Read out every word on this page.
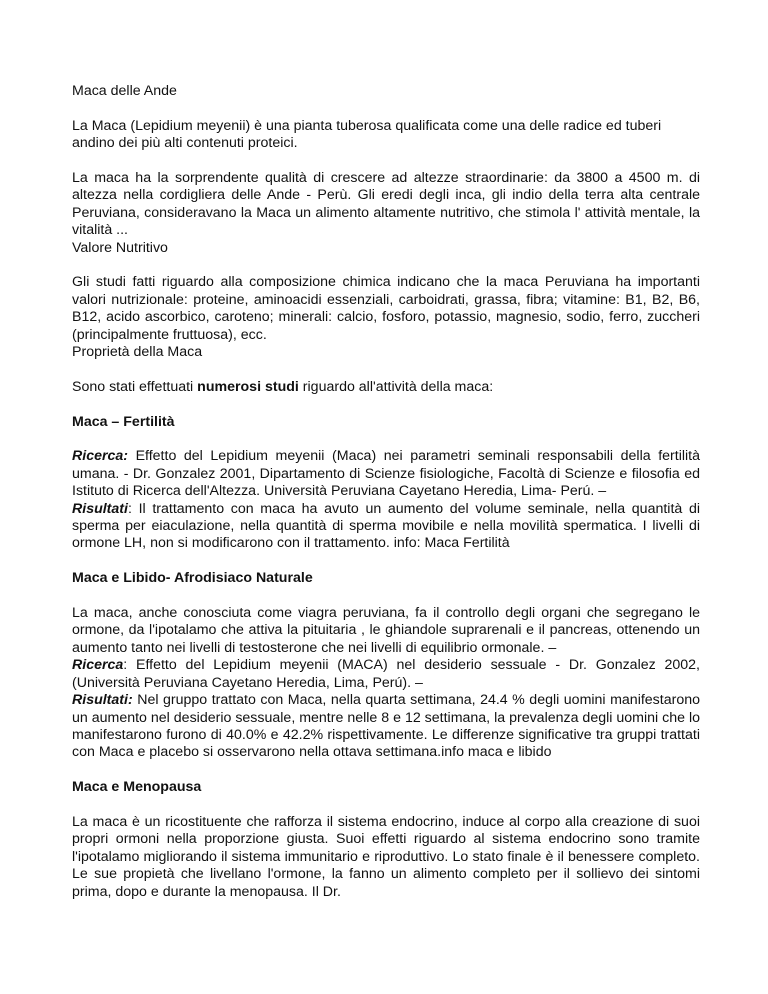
Maca delle Ande

La Maca (Lepidium meyenii) è una pianta tuberosa qualificata come una delle radice ed tuberi andino dei più alti contenuti proteici.

La maca ha la sorprendente qualità di crescere ad altezze straordinarie: da 3800 a 4500 m. di altezza nella cordigliera delle Ande - Perù. Gli eredi degli inca, gli indio della terra alta centrale Peruviana, consideravano la Maca un alimento altamente nutritivo, che stimola l' attività mentale, la vitalità ...

Valore Nutritivo

Gli studi fatti riguardo alla composizione chimica indicano che la maca Peruviana ha importanti valori nutrizionale: proteine, aminoacidi essenziali, carboidrati, grassa, fibra; vitamine: B1, B2, B6, B12, acido ascorbico, caroteno; minerali: calcio, fosforo, potassio, magnesio, sodio, ferro, zuccheri (principalmente fruttuosa), ecc.

Proprietà della Maca

Sono stati effettuati numerosi studi riguardo all'attività della maca:

Maca – Fertilità

Ricerca: Effetto del Lepidium meyenii (Maca) nei parametri seminali responsabili della fertilità umana. - Dr. Gonzalez 2001, Dipartamento di Scienze fisiologiche, Facoltà di Scienze e filosofia ed Istituto di Ricerca dell'Altezza. Università Peruviana Cayetano Heredia, Lima- Perú. –

Risultati: Il trattamento con maca ha avuto un aumento del volume seminale, nella quantità di sperma per eiaculazione, nella quantità di sperma movibile e nella movilità spermatica. I livelli di ormone LH, non si modificarono con il trattamento. info: Maca Fertilità

Maca e Libido- Afrodisiaco Naturale

La maca, anche conosciuta come viagra peruviana, fa il controllo degli organi che segregano le ormone, da l'ipotalamo che attiva la pituitaria , le ghiandole suprarenali e il pancreas, ottenendo un aumento tanto nei livelli di testosterone che nei livelli di equilibrio ormonale. –

Ricerca: Effetto del Lepidium meyenii (MACA) nel desiderio sessuale - Dr. Gonzalez 2002, (Università Peruviana Cayetano Heredia, Lima, Perú). –

Risultati: Nel gruppo trattato con Maca, nella quarta settimana, 24.4 % degli uomini manifestarono un aumento nel desiderio sessuale, mentre nelle 8 e 12 settimana, la prevalenza degli uomini che lo manifestarono furono di 40.0% e 42.2% rispettivamente. Le differenze significative tra gruppi trattati con Maca e placebo si osservarono nella ottava settimana.info maca e libido

Maca e Menopausa

La maca è un ricostituente che rafforza il sistema endocrino, induce al corpo alla creazione di suoi propri ormoni nella proporzione giusta. Suoi effetti riguardo al sistema endocrino sono tramite l'ipotalamo migliorando il sistema immunitario e riproduttivo. Lo stato finale è il benessere completo. Le sue propietà che livellano l'ormone, la fanno un alimento completo per il sollievo dei sintomi prima, dopo e durante la menopausa. Il Dr.
